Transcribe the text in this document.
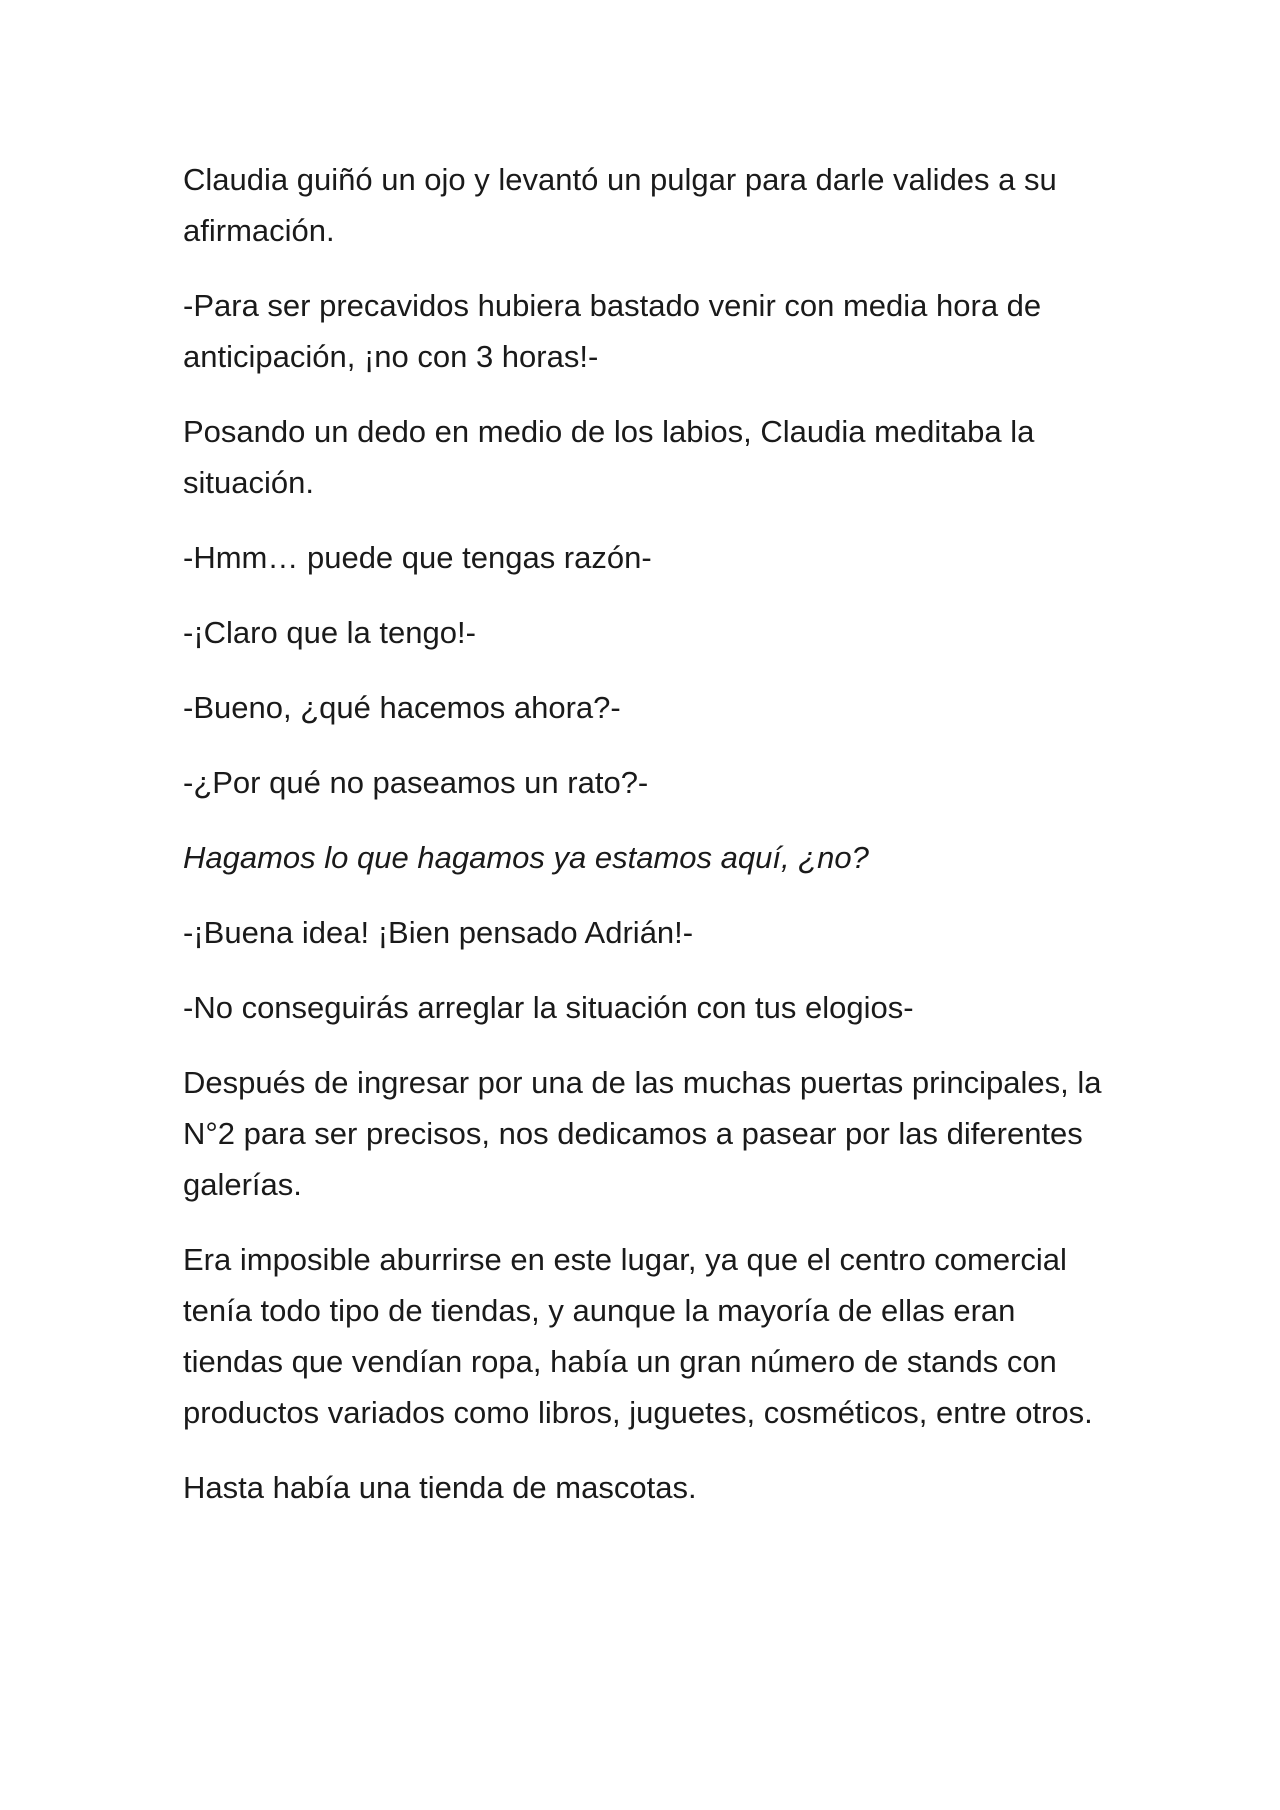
Claudia guiñó un ojo y levantó un pulgar para darle valides a su afirmación.

-Para ser precavidos hubiera bastado venir con media hora de anticipación, ¡no con 3 horas!-

Posando un dedo en medio de los labios, Claudia meditaba la situación.

-Hmm… puede que tengas razón-

-¡Claro que la tengo!-

-Bueno, ¿qué hacemos ahora?-

-¿Por qué no paseamos un rato?-

Hagamos lo que hagamos ya estamos aquí, ¿no?

-¡Buena idea! ¡Bien pensado Adrián!-

-No conseguirás arreglar la situación con tus elogios-

Después de ingresar por una de las muchas puertas principales, la N°2 para ser precisos, nos dedicamos a pasear por las diferentes galerías.

Era imposible aburrirse en este lugar, ya que el centro comercial tenía todo tipo de tiendas, y aunque la mayoría de ellas eran tiendas que vendían ropa, había un gran número de stands con productos variados como libros, juguetes, cosméticos, entre otros.

Hasta había una tienda de mascotas.
